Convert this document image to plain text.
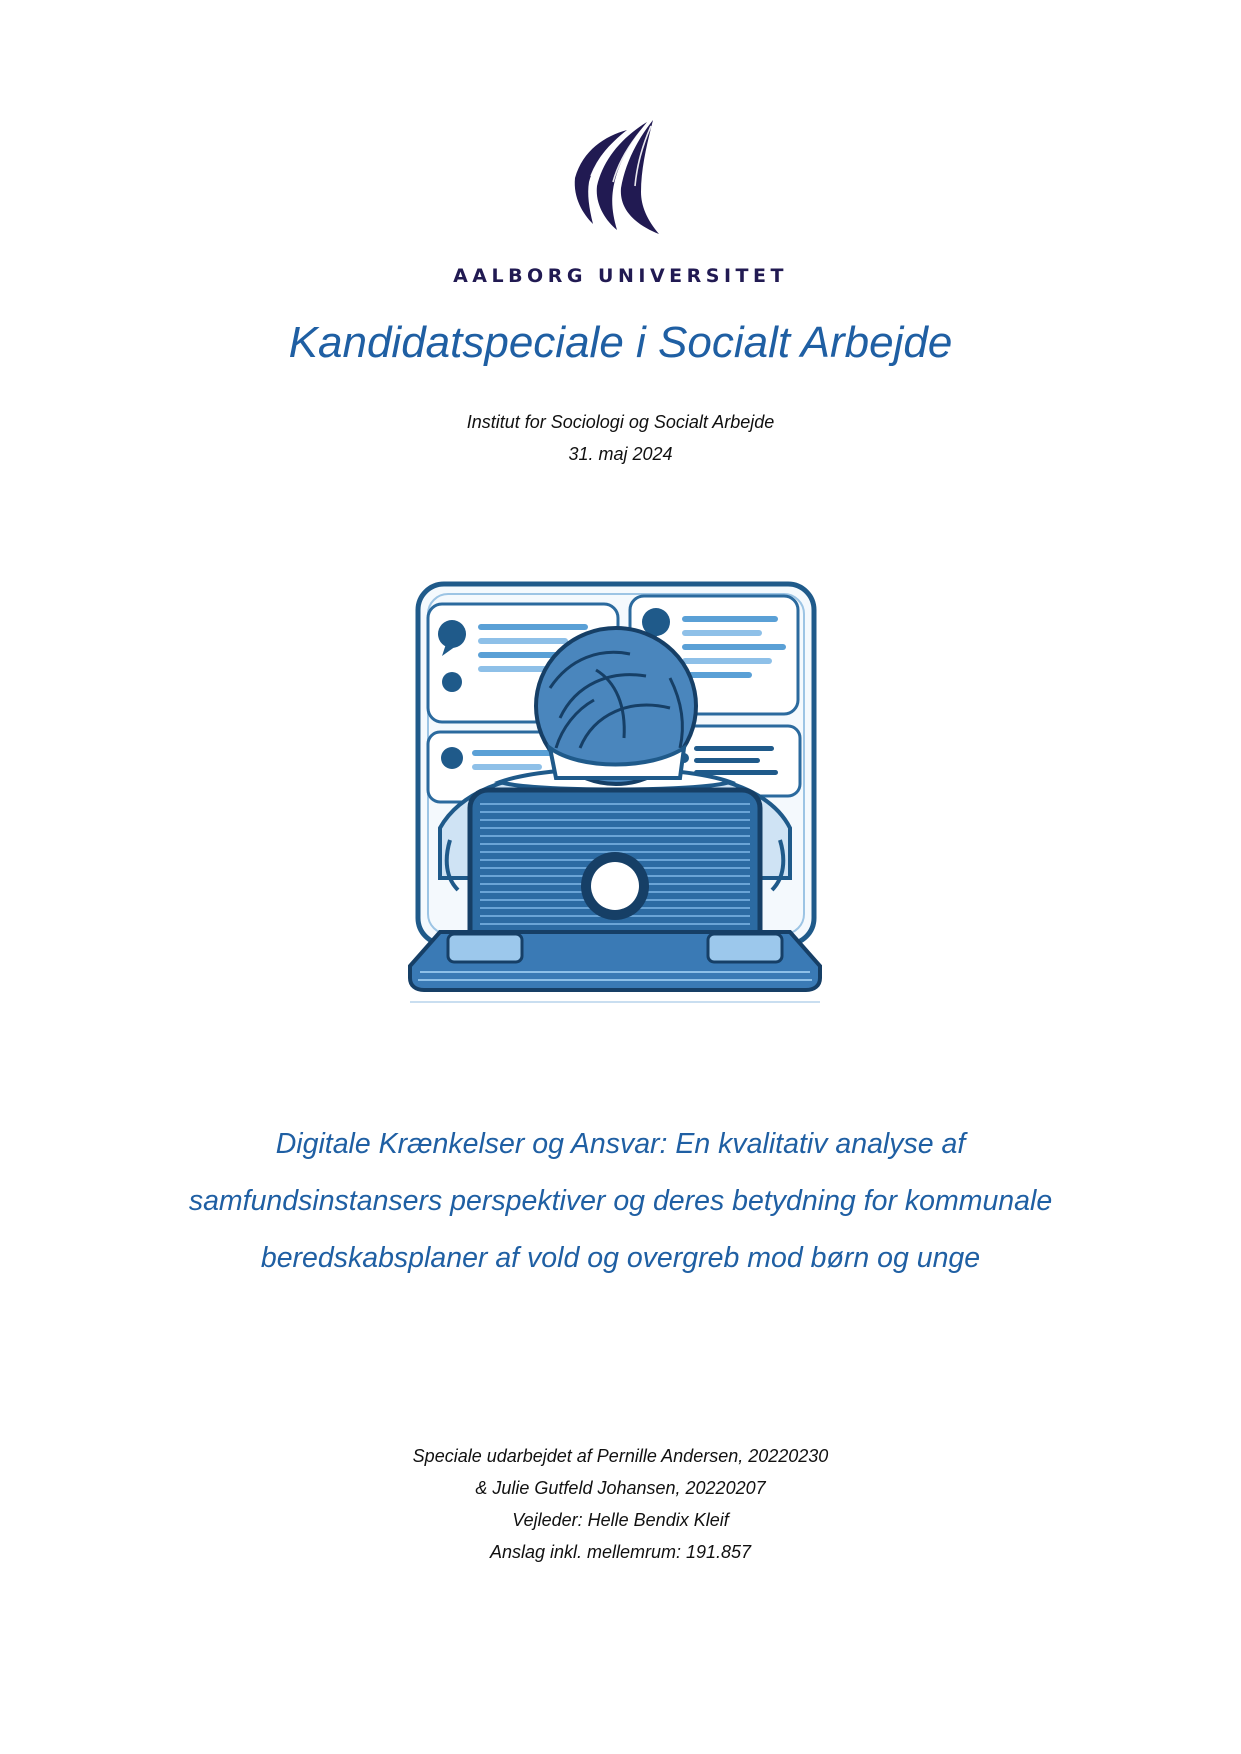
AALBORG UNIVERSITET
Kandidatspeciale i Socialt Arbejde
Institut for Sociologi og Socialt Arbejde
31. maj 2024
Digitale Krænkelser og Ansvar: En kvalitativ analyse af
samfundsinstansers perspektiver og deres betydning for kommunale
beredskabsplaner af vold og overgreb mod børn og unge
Speciale udarbejdet af Pernille Andersen, 20220230
& Julie Gutfeld Johansen, 20220207
Vejleder: Helle Bendix Kleif
Anslag inkl. mellemrum: 191.857
